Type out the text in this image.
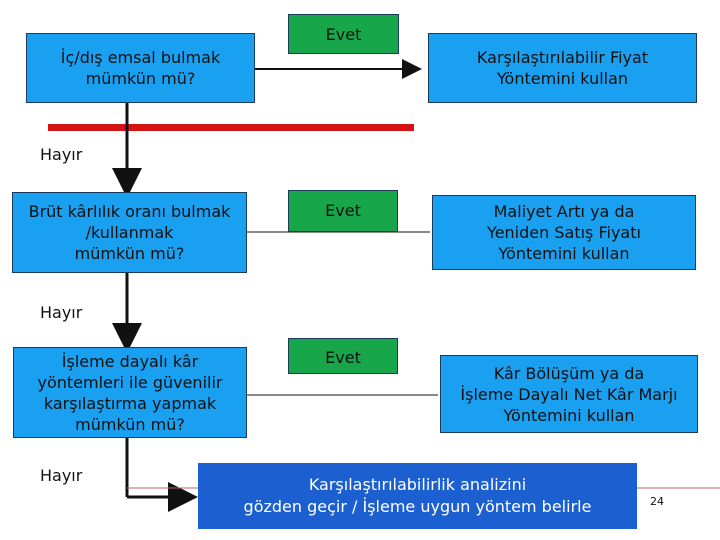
İç/dış emsal bulmak
mümkün mü?
Brüt kârlılık oranı bulmak
/kullanmak
mümkün mü?
İşleme dayalı kâr
yöntemleri ile güvenilir
karşılaştırma yapmak
mümkün mü?
Evet
Evet
Evet
Hayır
Hayır
Hayır
Karşılaştırılabilir Fiyat
Yöntemini kullan
Maliyet Artı ya da
Yeniden Satış Fiyatı
Yöntemini kullan
Kâr Bölüşüm ya da
İşleme Dayalı Net Kâr Marjı
Yöntemini kullan
Karşılaştırılabilirlik analizini
gözden geçir / İşleme uygun yöntem belirle	24
